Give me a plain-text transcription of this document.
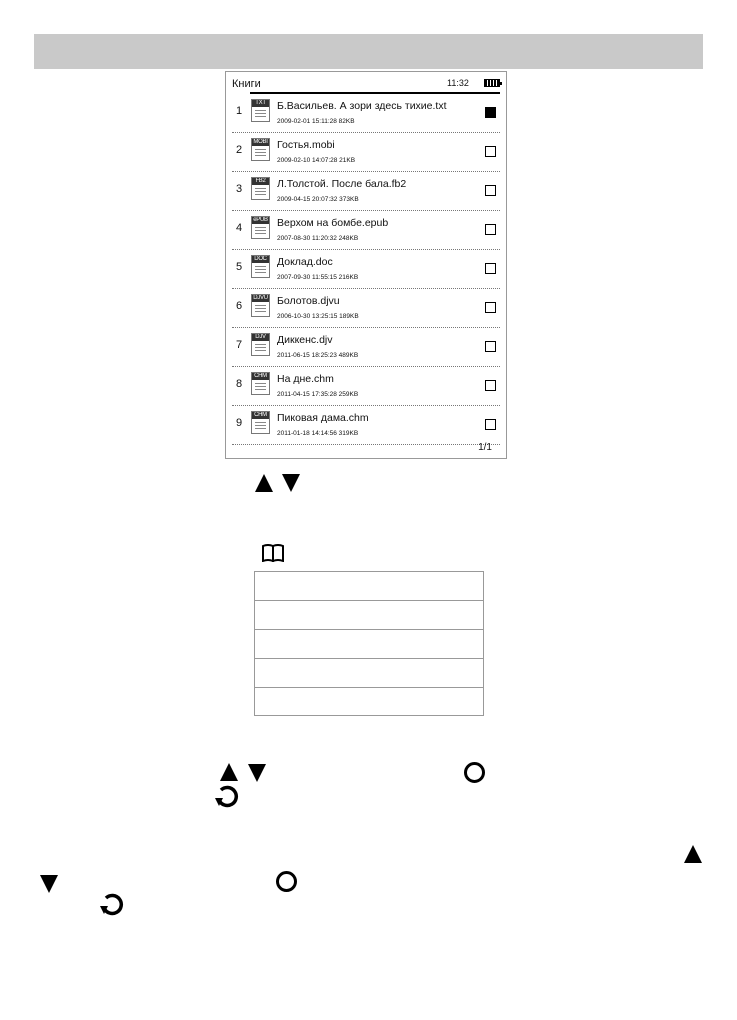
Книги	11:32
1
TXT	Б.Васильев. А зори здесь тихие.txt
2009-02-01 15:11:28 82KB
2
MOBI Гостья.mobi
2009-02-10 14:07:28 21KB
3
FB2	Л.Толстой. После бала.fb2
2009-04-15 20:07:32 373KB
4
ePUB Верхом на бомбе.epub
2007-08-30 11:20:32 248KB
5
DOC Доклад.doc
2007-09-30 11:55:15 216KB
6
DJVU Болотов.djvu
2006-10-30 13:25:15 189KB
7
DJV	Диккенс.djv
2011-06-15 18:25:23 489KB
8
CHM На дне.chm
2011-04-15 17:35:28 259KB
9
CHM Пиковая дама.chm
2011-01-18 14:14:56 319KB
1/1
